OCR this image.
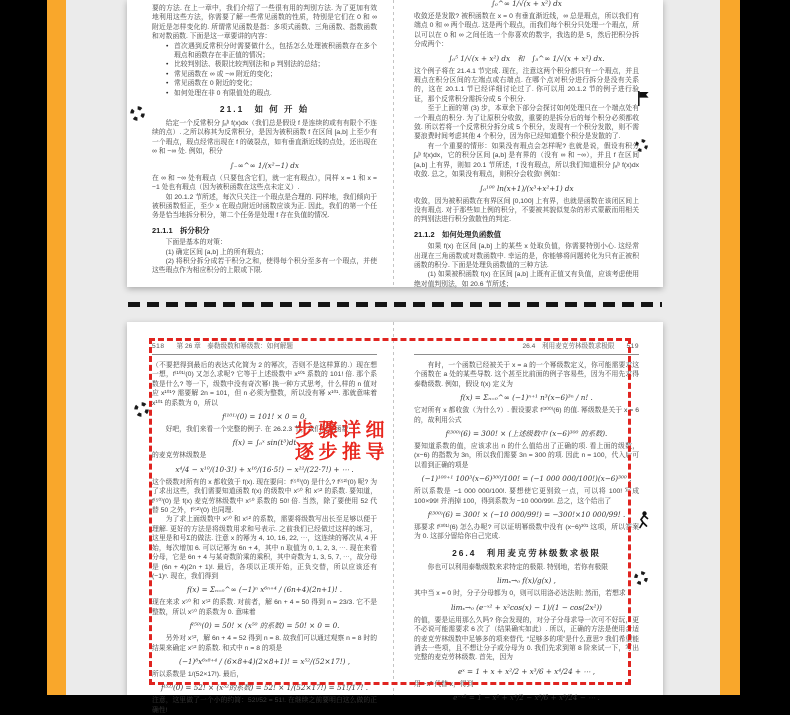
要的方法. 在上一章中，我们介绍了一些很有用的判别方法. 为了更加有效地利用这些方法，你需要了解一些常见函数的性质，特别是它们在 0 和 ∞ 附近是怎样变化的. 所谓常见函数是指：多项式函数、三角函数、指数函数和对数函数. 下面是这一章要讲的内容：
• 首次遇到反常积分时需要做什么，包括怎么处理被积函数存在多个瑕点和函数存在非正值的情况；
• 比较判别法、极限比较判别法和 p 判别法的总结；
• 常见函数在 ∞ 或 −∞ 附近的变化；
• 常见函数在 0 附近的变化；
• 如何处理在非 0 有限值处的瑕点.
21.1　如 何 开 始
给定一个反常积分 ∫ₐᵇ f(x)dx（我们总是假设 f 是连续的或有有限个不连续的点）. 之所以称其为反常积分，是因为被积函数 f 在区间 [a,b] 上至少有一个瑕点，瑕点经常出现在 f 的破裂点，如有垂直渐近线的点处，还出现在 ∞ 和 −∞ 处. 例如，积分
∫₋∞^∞ 1/(x²−1) dx
在 ∞ 和 −∞ 处有瑕点（只要包含它们，就一定有瑕点），同样 x = 1 和 x = −1 处也有瑕点（因为被积函数在这些点未定义）.
如 20.1.2 节所述，每次只关注一个瑕点是合理的. 同样地，我们倾向于被积函数恒正，至少 x 在瑕点附近时函数应该为正. 因此，我们的第一个任务是恰当地拆分积分，第二个任务是处理 f 存在负值的情况.
21.1.1　拆分积分
下面是基本的对策：
(1) 确定区间 [a,b] 上的所有瑕点；
(2) 将积分拆分成若干积分之和，使得每个积分至多有一个瑕点，并使这些瑕点作为相应积分的上限或下限.
∫₀^∞ 1/√(x + x²) dx
收敛还是发散? 被积函数在 x = 0 有垂直渐近线，∞ 总是瑕点，所以我们有端点 0 和 ∞ 两个瑕点. 这是两个瑕点，而我们每个积分只处理一个瑕点，所以可以在 0 和 ∞ 之间任选一个你喜欢的数字，我选的是 5，然后把积分拆分成两个：
∫₀⁵ 1/√(x + x²) dx　和　∫₅^∞ 1/√(x + x²) dx.
这个例子将在 21.4.1 节完成. 现在，注意这两个积分都只有一个瑕点，并且瑕点在积分区间的左端点或右端点. 在哪个点对积分进行拆分是没有关系的，这在 20.1.1 节已经详细讨论过了. 你可以用 20.1.2 节的例子进行验证，那个反常积分需拆分成 5 个积分.
至于上面的第 (3) 步，本章余下部分会探讨如何处理只在一个端点处有一个瑕点的积分. 为了让原积分收敛，重要的是拆分后的每个积分必须都收敛. 所以若将一个反常积分拆分成 5 个积分，发现有一个积分发散，则不需要浪费时间考虑其他 4 个积分，因为你已经知道整个积分是发散的了.
有一个重要的情形：如果没有瑕点会怎样呢? 也就是说，假设有积分 ∫ₐᵇ f(x)dx，它的积分区间 [a,b] 是有界的（没有 ∞ 和 −∞），并且 f 在区间 [a,b] 上有界，则如 20.1 节所述，f 没有瑕点，所以我们知道积分 ∫ₐᵇ f(x)dx 收敛. 总之，如果没有瑕点，则积分会收敛! 例如：
∫₀¹⁰⁰ ln(x+1)/(x³+x²+1) dx
收敛，因为被积函数在有界区间 [0,100] 上有界，也就是函数在该闭区间上没有瑕点. 对于那些如上例的积分，不要被其貌似复杂的形式蒙蔽而用相关的判别法进行积分敛散性的判定.
21.1.2　如何处理负函数值
如果 f(x) 在区间 [a,b] 上的某些 x 处取负值，你需要特别小心. 这经常出现在三角函数或对数函数中. 幸运的是，你能够将问题转化为只有正被积函数的积分. 下面是处理负函数值的三种方法.
(1) 如果被积函数 f(x) 在区间 [a,b] 上既有正值又有负值，应该考虑使用绝对值判别法，如 20.6 节所述；
518 第 26 章　泰勒级数和幂级数：如何解题
（不要把得到最后的表达式化简为 2 的幂次，否则不是这样算的.）现在想一想，f⁽¹⁰¹⁾(0) 又怎么求呢? 它等于上述级数中 x¹⁰¹ 系数的 101! 倍. 那个系数是什么? 等一下，级数中没有奇次幂! 换一种方式思考，什么样的 n 值对应 x¹⁰¹? 需要解 2n = 101，但 n 必须为整数，所以没有幂 x¹⁰¹. 那就意味着 x¹⁰¹ 的系数为 0，所以
f⁽¹⁰¹⁾(0) = 101! × 0 = 0.
好吧，我们来看一个完整的例子. 在 26.2.3 节，我们发现函数
f(x) = ∫₀ˣ sin(t³)dt
的麦克劳林级数是
x⁴/4 − x¹⁰/(10·3!) + x¹⁶/(16·5!) − x²²/(22·7!) + ⋯ .
这个级数对所有的 x 都收敛于 f(x). 现在要问：f⁽⁵⁰⁾(0) 是什么? f⁽⁵²⁾(0) 呢? 为了求出这些，我们需要知道函数 f(x) 的级数中 x⁵⁰ 和 x⁵² 的系数. 要知道，f⁽⁵⁰⁾(0) 是 f(x) 麦克劳林级数中 x⁵⁰ 系数的 50! 倍. 当然，除了要使用 52 代替 50 之外，f⁽⁵²⁾(0) 也同理.
为了求上面级数中 x⁵⁰ 和 x⁵² 的系数，需要将级数写出长至足够以便于理解. 更好的方法是将级数用求和号表示. 之前我们已经做过这样的练习，这里是和号Σ的做法. 注意 x 的幂为 4, 10, 16, 22, ⋯，这连续的幂次从 4 开始，每次增加 6. 可以记幂为 6n + 4，其中 n 取值为 0, 1, 2, 3, ⋯. 现在来看分母，它是 6n + 4 与某奇数阶乘的乘积，其中奇数为 1, 3, 5, 7, ⋯，故分母是 (6n + 4)(2n + 1)!. 最后，各项以正项开始，正负交替，所以应该还有 (−1)ⁿ. 现在，我们得到
f(x) = Σₙ₌₀^∞ (−1)ⁿ x⁶ⁿ⁺⁴ / (6n+4)(2n+1)! .
现在来求 x⁵⁰ 和 x⁵² 的系数. 对前者，解 6n + 4 = 50 得到 n = 23/3. 它不是整数，所以 x⁵⁰ 的系数为 0. 意味着
f⁽⁵⁰⁾(0) = 50! × (x⁵⁰ 的系数) = 50! × 0 = 0.
另外对 x⁵²，解 6n + 4 = 52 得到 n = 8. 故我们可以通过观察 n = 8 时的结果来确定 x⁵² 的系数. 和式中 n = 8 的项是
(−1)⁸x⁶ˣ⁸⁺⁴ / (6×8+4)(2×8+1)! = x⁵²/(52×17!) ,
所以系数是 1/(52×17!). 最后，
f⁽⁵²⁾(0) = 52! × (x⁵²的系数) = 52! × 1/(52×17!) = 51!/17! .
注意，这里做了一个小的约简：52!/52 = 51!. 在继续之前要明白这么做的正确性!
26.4　利用麦克劳林级数求极限 519
有时，一个函数已经被关于 x = a 的一个幂级数定义，你可能需要求这个函数在 a 处的某些导数. 这个甚至比前面的例子容易些，因为不用先求得泰勒级数. 例如，假设 f(x) 定义为
f(x) = Σₙ₌₀^∞ (−1)ⁿ⁺¹ n³(x−6)³ⁿ / n! .
它对所有 x 都收敛（为什么?）. 假设要求 f⁽³⁰⁰⁾(6) 的值. 幂级数是关于 x = 6 的，故利用公式
f⁽³⁰⁰⁾(6) = 300! × (上述级数中 (x−6)³⁰⁰ 的系数).
要知道系数的值，应该求出 n 的什么值给出了正确的项. 看上面的级数，(x−6) 的指数为 3n，所以我们需要 3n = 300 的项. 因此 n = 100，代入后可以看到正确的项是
(−1)¹⁰⁰⁺¹ 100³(x−6)³⁰⁰/100! = (−1 000 000/100!)(x−6)³⁰⁰ ,
所以系数是 −1 000 000/100!. 要想使它更别致一点，可以将 100! 写成 100×99! 并消掉 100，得到系数为 −10 000/99!. 总之，这个给出了
f⁽³⁰⁰⁾(6) = 300! × (−10 000/99!) = −300!×10 000/99! .
那要求 f⁽³⁰¹⁾(6) 怎么办呢? 可以证明幂级数中没有 (x−6)³⁰¹ 这项，所以答案为 0. 这部分留给你自己完成.
26.4　利用麦克劳林级数求极限
你也可以利用泰勒级数来求特定的极限. 特别地，若你有极限
limₓ→₀ f(x)/g(x) ,
其中当 x = 0 时，分子分母都为 0，则可以用洛必达法则; 然而，若想求
limₓ→₀ (e⁻ˣ² + x²cos(x) − 1)/(1 − cos(2x²))
的值，要是运用那么久吗? 你会发现的，对分子分母求导一次可不好玩，更不必说可能需要求 6 次了（结果确实如此）. 所以，正确的方法是使用合适的麦克劳林级数中足够多的项来替代. “足够多的项”是什么意思? 我们希望能消去一些项，且不想让分子或分母为 0. 我们先求到第 8 阶来试一下，写出完整的麦克劳林级数. 首先，因为
eˣ = 1 + x + x²/2 + x³/6 + x⁴/24 + ⋯ ,
用 −x² 代替 x，得到
e⁻ˣ² = 1 − x² + x⁴/2 − x⁶/6 + x⁸/24 − ⋯ .
步骤详细
逐步推导
